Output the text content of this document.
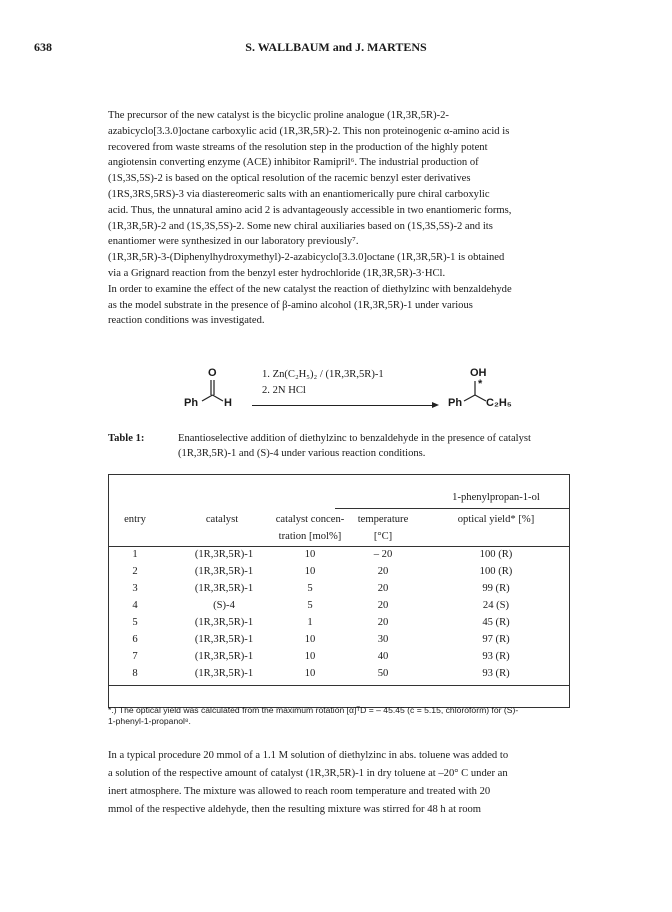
638	S. WALLBAUM and J. MARTENS

The precursor of the new catalyst is the bicyclic proline analogue (1R,3R,5R)-2-

azabicyclo[3.3.0]octane carboxylic acid (1R,3R,5R)-2. This non proteinogenic α-amino acid is

recovered from waste streams of the resolution step in the production of the highly potent

angiotensin converting enzyme (ACE) inhibitor Ramipril⁶. The industrial production of

(1S,3S,5S)-2 is based on the optical resolution of the racemic benzyl ester derivatives

(1RS,3RS,5RS)-3 via diastereomeric salts with an enantiomerically pure chiral carboxylic

acid. Thus, the unnatural amino acid 2 is advantageously accessible in two enantiomeric forms,

(1R,3R,5R)-2 and (1S,3S,5S)-2. Some new chiral auxiliaries based on (1S,3S,5S)-2 and its

enantiomer were synthesized in our laboratory previously⁷.

(1R,3R,5R)-3-(Diphenylhydroxymethyl)-2-azabicyclo[3.3.0]octane (1R,3R,5R)-1 is obtained

via a Grignard reaction from the benzyl ester hydrochloride (1R,3R,5R)-3·HCl.

In order to examine the effect of the new catalyst the reaction of diethylzinc with benzaldehyde

as the model substrate in the presence of β-amino alcohol (1R,3R,5R)-1 under various

reaction conditions was investigated.

O
Ph H
1. Zn(C₂H₅)₂ / (1R,3R,5R)-1
2. 2N HCl
OH
*
Ph C₂H₅
Table 1:	Enantioselective addition of diethylzinc to benzaldehyde in the presence of catalyst
(1R,3R,5R)-1 and (S)-4 under various reaction conditions.
1-phenylpropan-1-ol
entry	catalyst	catalyst concen-
tration [mol%]
temperature
[°C]
optical yield* [%]
1	(1R,3R,5R)-1	10	– 20	100 (R)
2	(1R,3R,5R)-1	10	20	100 (R)
3	(1R,3R,5R)-1	5	20	99 (R)
4	(S)-4	5	20	24 (S)
5	(1R,3R,5R)-1	1	20	45 (R)
6	(1R,3R,5R)-1	10	30	97 (R)
7	(1R,3R,5R)-1	10	40	93 (R)
8	(1R,3R,5R)-1	10	50	93 (R)
*.) The optical yield was calculated from the maximum rotation [α]ᵀD = – 45.45 (c = 5.15, chloroform) for (S)-
1-phenyl-1-propanol⁸.
In a typical procedure 20 mmol of a 1.1 M solution of diethylzinc in abs. toluene was added to
a solution of the respective amount of catalyst (1R,3R,5R)-1 in dry toluene at –20° C under an
inert atmosphere. The mixture was allowed to reach room temperature and treated with 20
mmol of the respective aldehyde, then the resulting mixture was stirred for 48 h at room
